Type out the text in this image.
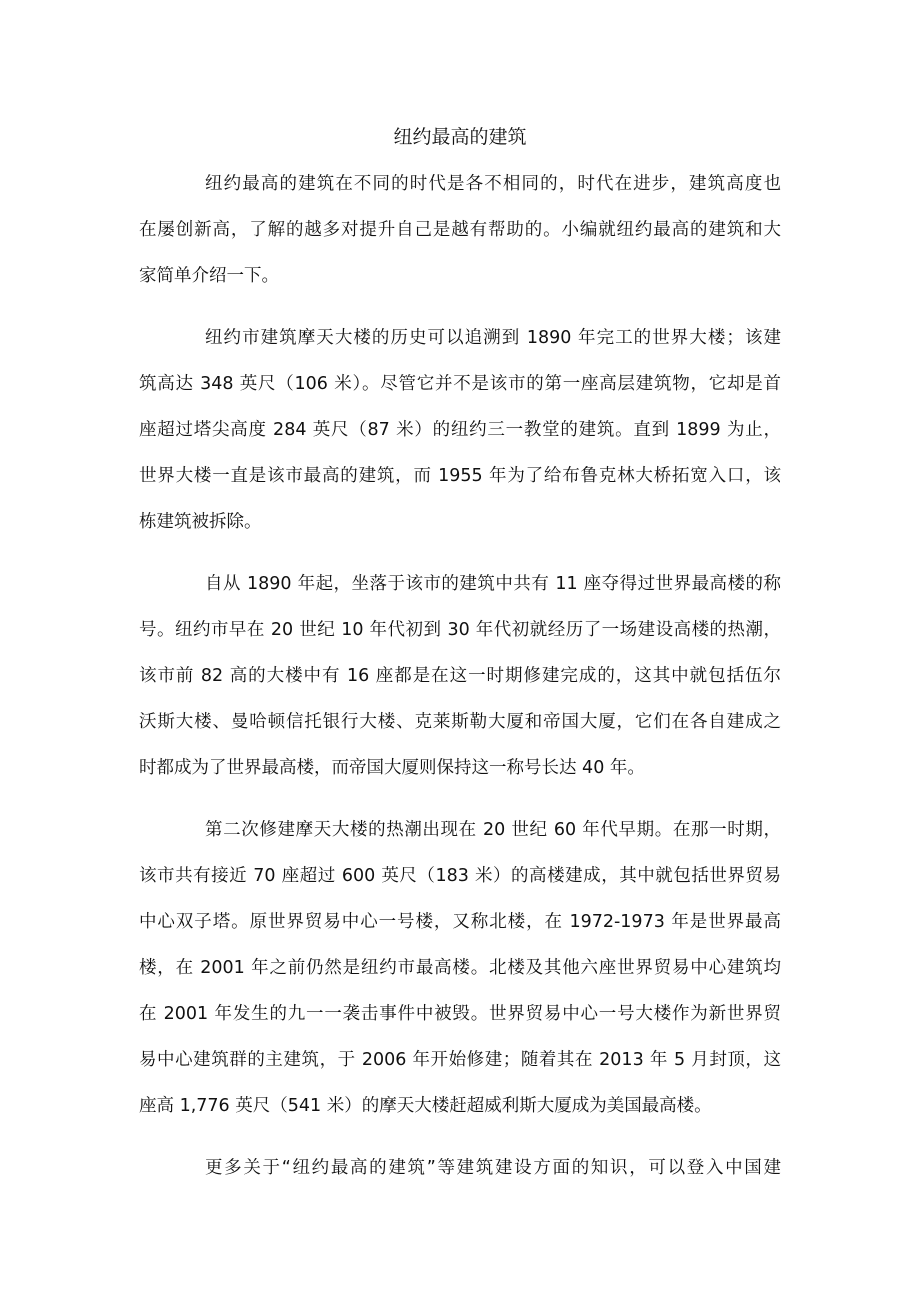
纽约最高的建筑
纽约最高的建筑在不同的时代是各不相同的，时代在进步，建筑高度也
在屡创新高，了解的越多对提升自己是越有帮助的。小编就纽约最高的建筑和大
家简单介绍一下。
纽约市建筑摩天大楼的历史可以追溯到 1890 年完工的世界大楼；该建
筑高达 348 英尺（106 米）。尽管它并不是该市的第一座高层建筑物，它却是首
座超过塔尖高度 284 英尺（87 米）的纽约三一教堂的建筑。直到 1899 为止，
世界大楼一直是该市最高的建筑，而 1955 年为了给布鲁克林大桥拓宽入口，该
栋建筑被拆除。
自从 1890 年起，坐落于该市的建筑中共有 11 座夺得过世界最高楼的称
号。纽约市早在 20 世纪 10 年代初到 30 年代初就经历了一场建设高楼的热潮，
该市前 82 高的大楼中有 16 座都是在这一时期修建完成的，这其中就包括伍尔
沃斯大楼、曼哈顿信托银行大楼、克莱斯勒大厦和帝国大厦，它们在各自建成之
时都成为了世界最高楼，而帝国大厦则保持这一称号长达 40 年。
第二次修建摩天大楼的热潮出现在 20 世纪 60 年代早期。在那一时期，
该市共有接近 70 座超过 600 英尺（183 米）的高楼建成，其中就包括世界贸易
中心双子塔。原世界贸易中心一号楼，又称北楼，在 1972-1973 年是世界最高
楼，在 2001 年之前仍然是纽约市最高楼。北楼及其他六座世界贸易中心建筑均
在 2001 年发生的九一一袭击事件中被毁。世界贸易中心一号大楼作为新世界贸
易中心建筑群的主建筑，于 2006 年开始修建；随着其在 2013 年 5 月封顶，这
座高 1,776 英尺（541 米）的摩天大楼赶超威利斯大厦成为美国最高楼。
更多关于“纽约最高的建筑”等建筑建设方面的知识，可以登入中国建
